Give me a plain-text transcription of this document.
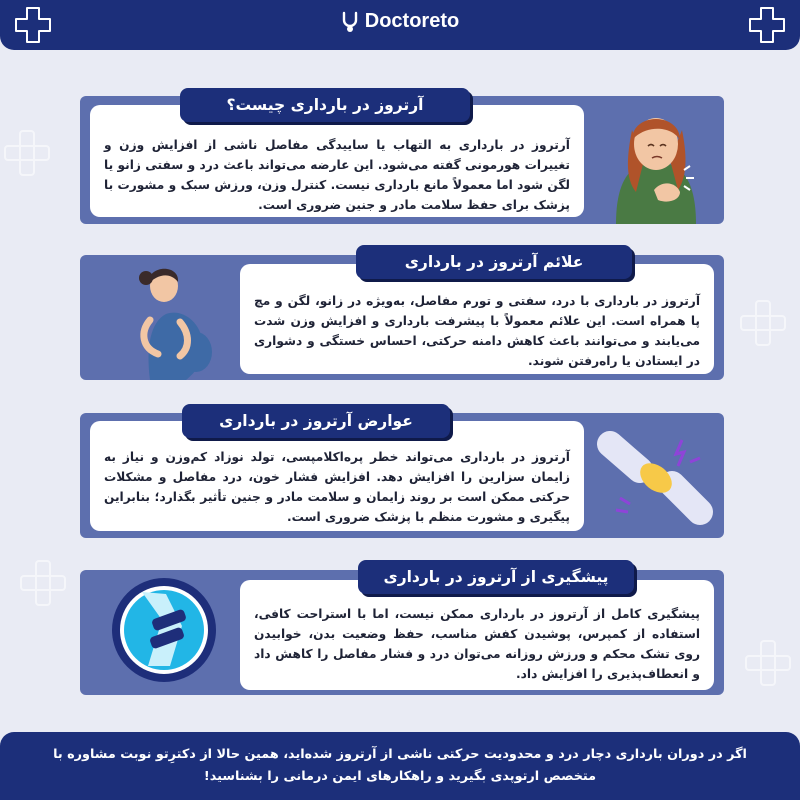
Doctoreto

آرتروز در بارداری به التهاب یا ساییدگی مفاصل ناشی از افزایش وزن و تغییرات هورمونی گفته می‌شود. این عارضه می‌تواند باعث درد و سفتی زانو یا لگن شود اما معمولاً مانع بارداری نیست. کنترل وزن، ورزش سبک و مشورت با پزشک برای حفظ سلامت مادر و جنین ضروری است.

آرتروز در بارداری چیست؟

آرتروز در بارداری با درد، سفتی و تورم مفاصل، به‌ویژه در زانو، لگن و مچ پا همراه است. این علائم معمولاً با پیشرفت بارداری و افزایش وزن شدت می‌یابند و می‌توانند باعث کاهش دامنه حرکتی، احساس خستگی و دشواری در ایستادن یا راه‌رفتن شوند.

علائم آرتروز در بارداری

آرتروز در بارداری می‌تواند خطر پره‌اکلامپسی، تولد نوزاد کم‌وزن و نیاز به زایمان سزارین را افزایش دهد. افزایش فشار خون، درد مفاصل و مشکلات حرکتی ممکن است بر روند زایمان و سلامت مادر و جنین تأثیر بگذارد؛ بنابراین پیگیری و مشورت منظم با پزشک ضروری است.

عوارض آرتروز در بارداری

پیشگیری کامل از آرتروز در بارداری ممکن نیست، اما با استراحت کافی، استفاده از کمپرس، پوشیدن کفش مناسب، حفظ وضعیت بدن، خوابیدن روی تشک محکم و ورزش روزانه می‌توان درد و فشار مفاصل را کاهش داد و انعطاف‌پذیری را افزایش داد.

پیشگیری از آرتروز در بارداری

اگر در دوران بارداری دچار درد و محدودیت حرکتی ناشی از آرتروز شده‌اید، همین حالا از دکترِتو نوبت مشاوره با متخصص ارتوپدی بگیرید و راهکارهای ایمن درمانی را بشناسید!
